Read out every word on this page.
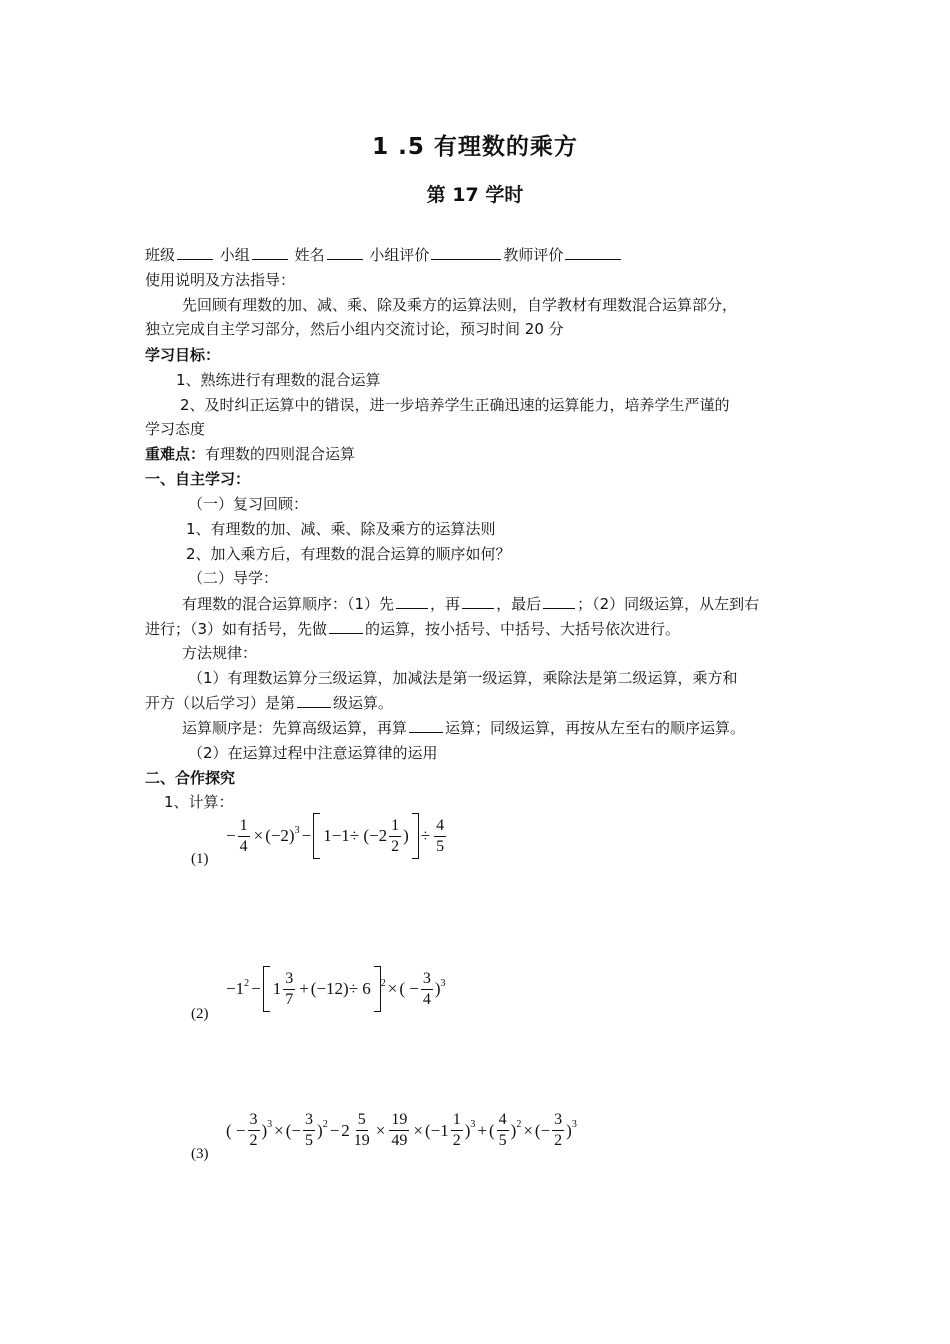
1 .5 有理数的乘方
第 17 学时
班级	小组	姓名	小组评价	教师评价
使用说明及方法指导：
先回顾有理数的加、减、乘、除及乘方的运算法则，自学教材有理数混合运算部分，
独立完成自主学习部分，然后小组内交流讨论，预习时间 20 分
学习目标：
1、熟练进行有理数的混合运算
2、及时纠正运算中的错误，进一步培养学生正确迅速的运算能力，培养学生严谨的
学习态度
重难点：有理数的四则混合运算
一、自主学习：
（一）复习回顾：
1、有理数的加、减、乘、除及乘方的运算法则
2、加入乘方后，有理数的混合运算的顺序如何？
（二）导学：
有理数的混合运算顺序：（1）先 ，再 ，最后 ；（2）同级运算，从左到右
进行；（3）如有括号，先做	的运算，按小括号、中括号、大括号依次进行。
方法规律：
（1）有理数运算分三级运算，加减法是第一级运算，乘除法是第二级运算，乘方和
开方（以后学习）是第	级运算。
运算顺序是：先算高级运算，再算	运算；同级运算，再按从左至右的顺序运算。
（2）在运算过程中注意运算律的运用
二、合作探究
1、计算：
(1)
− $\frac{1}{4} \times (-2) 3 - 1-1\div (-2 \frac{1}{2}$ ) ÷ $\frac{4}{5}$
(2)
−1 $2 - 1 \frac{3}{7} + (-12)\div 6$ 2 × ( − $\frac{3}{4}$ ) 3
(3)
( − $\frac{3}{2}$ ) 3 × (− $\frac{3}{5}$ ) $2 - 2 \frac{5}{19} \times \frac{19}{49} \times (-1 \frac{1}{2}$ ) 3 + ( $\frac{4}{5}$ ) 2 × (− $\frac{3}{2}$ ) 3
